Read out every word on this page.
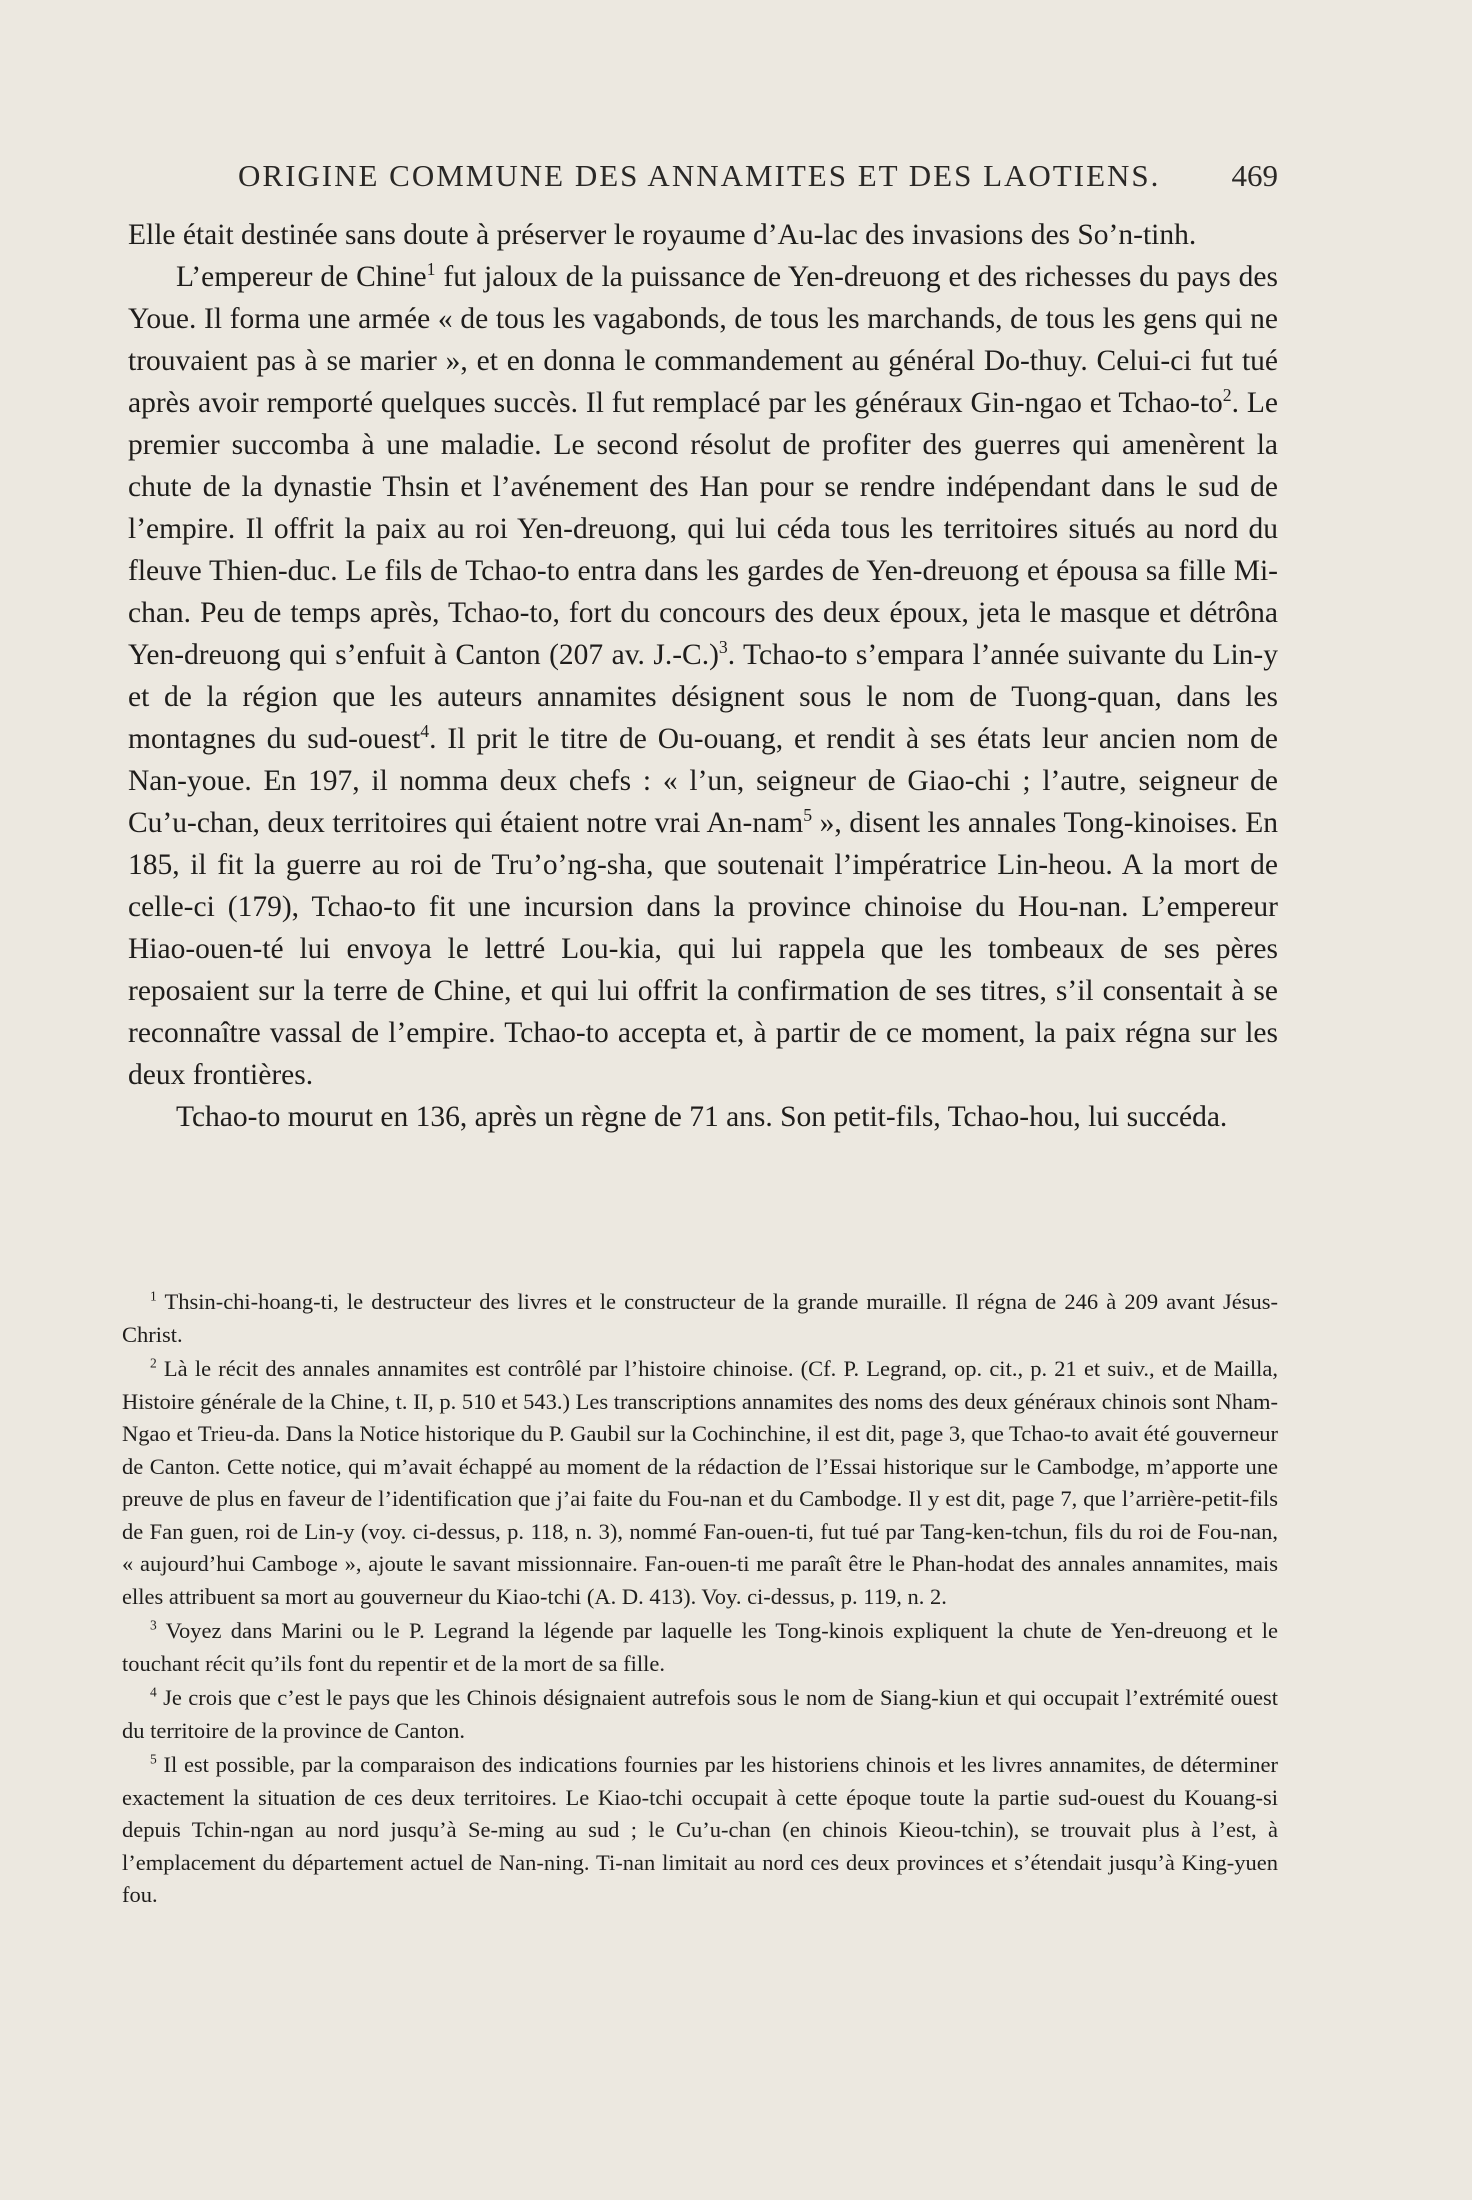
ORIGINE COMMUNE DES ANNAMITES ET DES LAOTIENS. 469

Elle était destinée sans doute à préserver le royaume d’Au-lac des invasions des So’n-tinh.

L’empereur de Chine$^1$ fut jaloux de la puissance de Yen-dreuong et des richesses du pays des Youe. Il forma une armée « de tous les vagabonds, de tous les marchands, de tous les gens qui ne trouvaient pas à se marier », et en donna le commandement au général Do-thuy. Celui-ci fut tué après avoir remporté quelques succès. Il fut remplacé par les généraux Gin-ngao et Tchao-$to^2$. Le premier succomba à une maladie. Le second résolut de profiter des guerres qui amenèrent la chute de la dynastie Thsin et l’avénement des Han pour se rendre indépendant dans le sud de l’empire. Il offrit la paix au roi Yen-dreuong, qui lui céda tous les territoires situés au nord du fleuve Thien-duc. Le fils de Tchao-to entra dans les gardes de Yen-dreuong et épousa sa fille Mi-chan. Peu de temps après, Tchao-to, fort du concours des deux époux, jeta le masque et détrôna Yen-dreuong qui s’enfuit à Canton (207 av. J.-C.)$^3$. Tchao-to s’empara l’année suivante du Lin-y et de la région que les auteurs annamites désignent sous le nom de Tuong-quan, dans les montagnes du sud-ouest$^4$. Il prit le titre de Ou-ouang, et rendit à ses états leur ancien nom de Nan-youe. En 197, il nomma deux chefs : « l’un, seigneur de Giao-chi ; l’autre, seigneur de Cu’u-chan, deux territoires qui étaient notre vrai An-nam$^5$ », disent les annales Tong-kinoises. En 185, il fit la guerre au roi de Tru’o’ng-sha, que soutenait l’impératrice Lin-heou. A la mort de celle-ci (179), Tchao-to fit une incursion dans la province chinoise du Hou-nan. L’empereur Hiao-ouen-té lui envoya le lettré Lou-kia, qui lui rappela que les tombeaux de ses pères reposaient sur la terre de Chine, et qui lui offrit la confirmation de ses titres, s’il consentait à se reconnaître vassal de l’empire. Tchao-to accepta et, à partir de ce moment, la paix régna sur les deux frontières.

Tchao-to mourut en 136, après un règne de 71 ans. Son petit-fils, Tchao-hou, lui succéda.

$^1$ Thsin-chi-hoang-ti, le destructeur des livres et le constructeur de la grande muraille. Il régna de 246 à 209 avant Jésus-Christ.

$^2$ Là le récit des annales annamites est contrôlé par l’histoire chinoise. (Cf. P. Legrand, op. cit., p. 21 et suiv., et de Mailla, Histoire générale de la Chine, t. II, p. 510 et 543.) Les transcriptions annamites des noms des deux généraux chinois sont Nham-Ngao et Trieu-da. Dans la Notice historique du P. Gaubil sur la Cochinchine, il est dit, page 3, que Tchao-to avait été gouverneur de Canton. Cette notice, qui m’avait échappé au moment de la rédaction de l’Essai historique sur le Cambodge, m’apporte une preuve de plus en faveur de l’identification que j’ai faite du Fou-nan et du Cambodge. Il y est dit, page 7, que l’arrière-petit-fils de Fan guen, roi de Lin-y (voy. ci-dessus, p. 118, n. 3), nommé Fan-ouen-ti, fut tué par Tang-ken-tchun, fils du roi de Fou-nan, « aujourd’hui Camboge », ajoute le savant missionnaire. Fan-ouen-ti me paraît être le Phan-hodat des annales annamites, mais elles attribuent sa mort au gouverneur du Kiao-tchi (A. D. 413). Voy. ci-dessus, p. 119, n. 2.

$^3$ Voyez dans Marini ou le P. Legrand la légende par laquelle les Tong-kinois expliquent la chute de Yen-dreuong et le touchant récit qu’ils font du repentir et de la mort de sa fille.

$^4$ Je crois que c’est le pays que les Chinois désignaient autrefois sous le nom de Siang-kiun et qui occupait l’extrémité ouest du territoire de la province de Canton.

$^5$ Il est possible, par la comparaison des indications fournies par les historiens chinois et les livres annamites, de déterminer exactement la situation de ces deux territoires. Le Kiao-tchi occupait à cette époque toute la partie sud-ouest du Kouang-si depuis Tchin-ngan au nord jusqu’à Se-ming au sud ; le Cu’u-chan (en chinois Kieou-tchin), se trouvait plus à l’est, à l’emplacement du département actuel de Nan-ning. Ti-nan limitait au nord ces deux provinces et s’étendait jusqu’à King-yuen fou.
